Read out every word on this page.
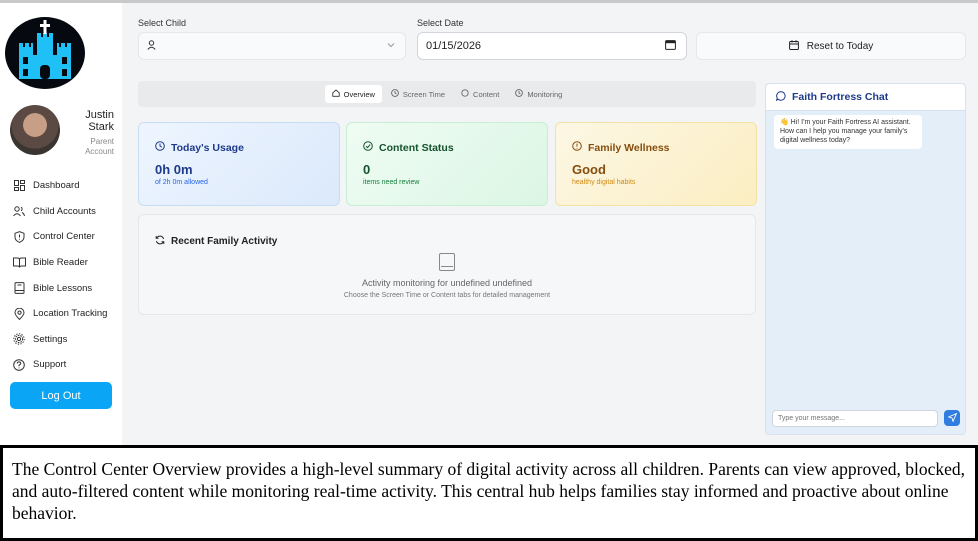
Justin Stark
Parent Account
Dashboard
Child Accounts
Control Center
Bible Reader
Bible Lessons
Location Tracking
Settings
Support
Log Out
Select Child	Select Date
01/15/2026	Reset to Today
Overview	Screen Time	Content	Monitoring
Today's Usage
0h 0m
of 2h 0m allowed
Content Status
0
items need review
Family Wellness
Good
healthy digital habits
Recent Family Activity
Activity monitoring for undefined undefined
Choose the Screen Time or Content tabs for detailed management
Faith Fortress Chat
👋 Hi! I'm your Faith Fortress AI assistant. How can I help you manage your family's digital wellness today?
Type your message...
The Control Center Overview provides a high-level summary of digital activity across all children. Parents can view approved, blocked, and auto-filtered content while monitoring real-time activity. This central hub helps families stay informed and proactive about online behavior.
